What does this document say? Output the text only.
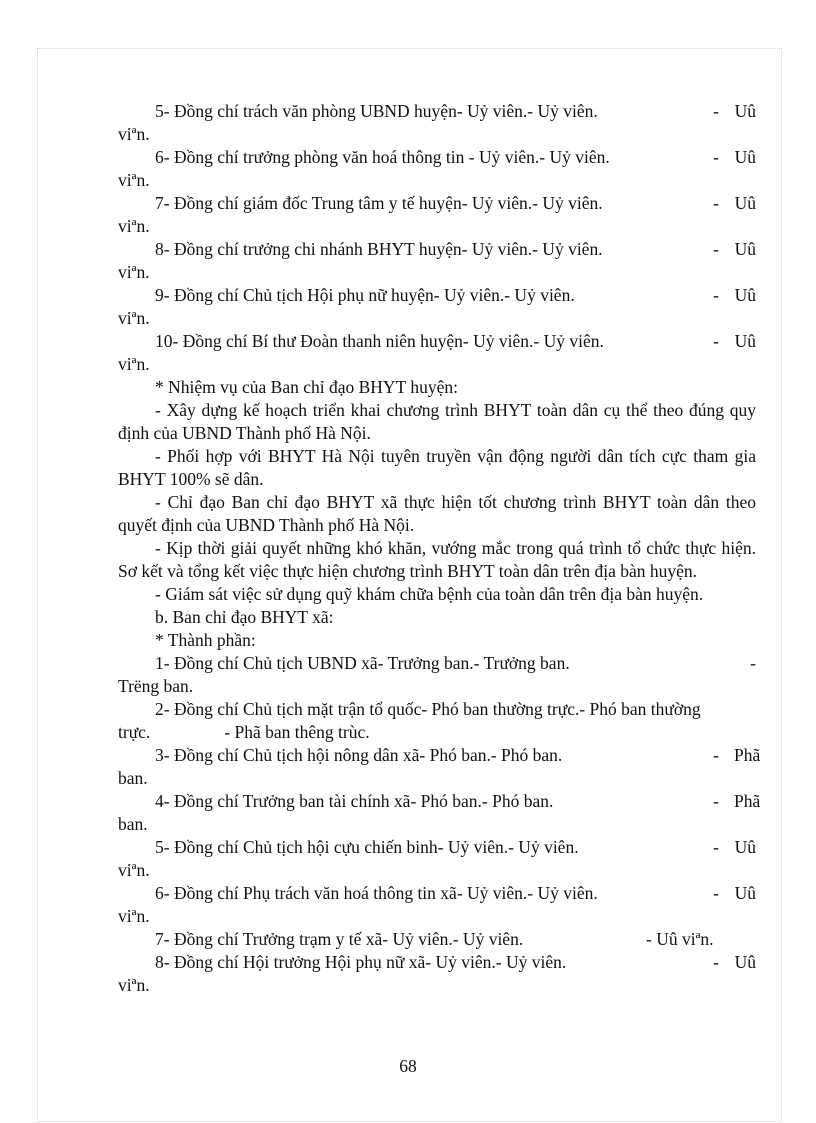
5- Đồng chí trách văn phòng UBND huyện- Uỷ viên.- Uỷ viên.	- Uû
viªn.
6- Đồng chí trưởng phòng văn hoá thông tin - Uỷ viên.- Uỷ viên.	- Uû
viªn.
7- Đồng chí giám đốc Trung tâm y tế huyện- Uỷ viên.- Uỷ viên.	- Uû
viªn.
8- Đồng chí trưởng chi nhánh BHYT huyện- Uỷ viên.- Uỷ viên.	- Uû
viªn.
9- Đồng chí Chủ tịch Hội phụ nữ huyện- Uỷ viên.- Uỷ viên.	- Uû
viªn.
10- Đồng chí Bí thư Đoàn thanh niên huyện- Uỷ viên.- Uỷ viên.	- Uû
viªn.
* Nhiệm vụ của Ban chỉ đạo BHYT huyện:
- Xây dựng kế hoạch triển khai chương trình BHYT toàn dân cụ thể theo đúng quy định của UBND Thành phố Hà Nội.
- Phối hợp với BHYT Hà Nội tuyên truyền vận động người dân tích cực tham gia BHYT 100% sẽ dân.
- Chỉ đạo Ban chỉ đạo BHYT xã thực hiện tốt chương trình BHYT toàn dân theo quyết định của UBND Thành phố Hà Nội.
- Kịp thời giải quyết những khó khăn, vướng mắc trong quá trình tổ chức thực hiện. Sơ kết và tổng kết việc thực hiện chương trình BHYT toàn dân trên địa bàn huyện.
- Giám sát việc sử dụng quỹ khám chữa bệnh của toàn dân trên địa bàn huyện.
b. Ban chỉ đạo BHYT xã:
* Thành phần:
1- Đồng chí Chủ tịch UBND xã- Trưởng ban.- Trưởng ban.	-
Trëng ban.
2- Đồng chí Chủ tịch mặt trận tổ quốc- Phó ban thường trực.- Phó ban thường
trực.	- Phã ban thêng trùc.
3- Đồng chí Chủ tịch hội nông dân xã- Phó ban.- Phó ban.	- Phã
ban.
4- Đồng chí Trưởng ban tài chính xã- Phó ban.- Phó ban.	- Phã
ban.
5- Đồng chí Chủ tịch hội cựu chiến binh- Uỷ viên.- Uỷ viên.	- Uû
viªn.
6- Đồng chí Phụ trách văn hoá thông tin xã- Uỷ viên.- Uỷ viên.	- Uû
viªn.
7- Đồng chí Trưởng trạm y tế xã- Uỷ viên.- Uỷ viên.	- Uû viªn.
8- Đồng chí Hội trưởng Hội phụ nữ xã- Uỷ viên.- Uỷ viên.	- Uû
viªn.
68
